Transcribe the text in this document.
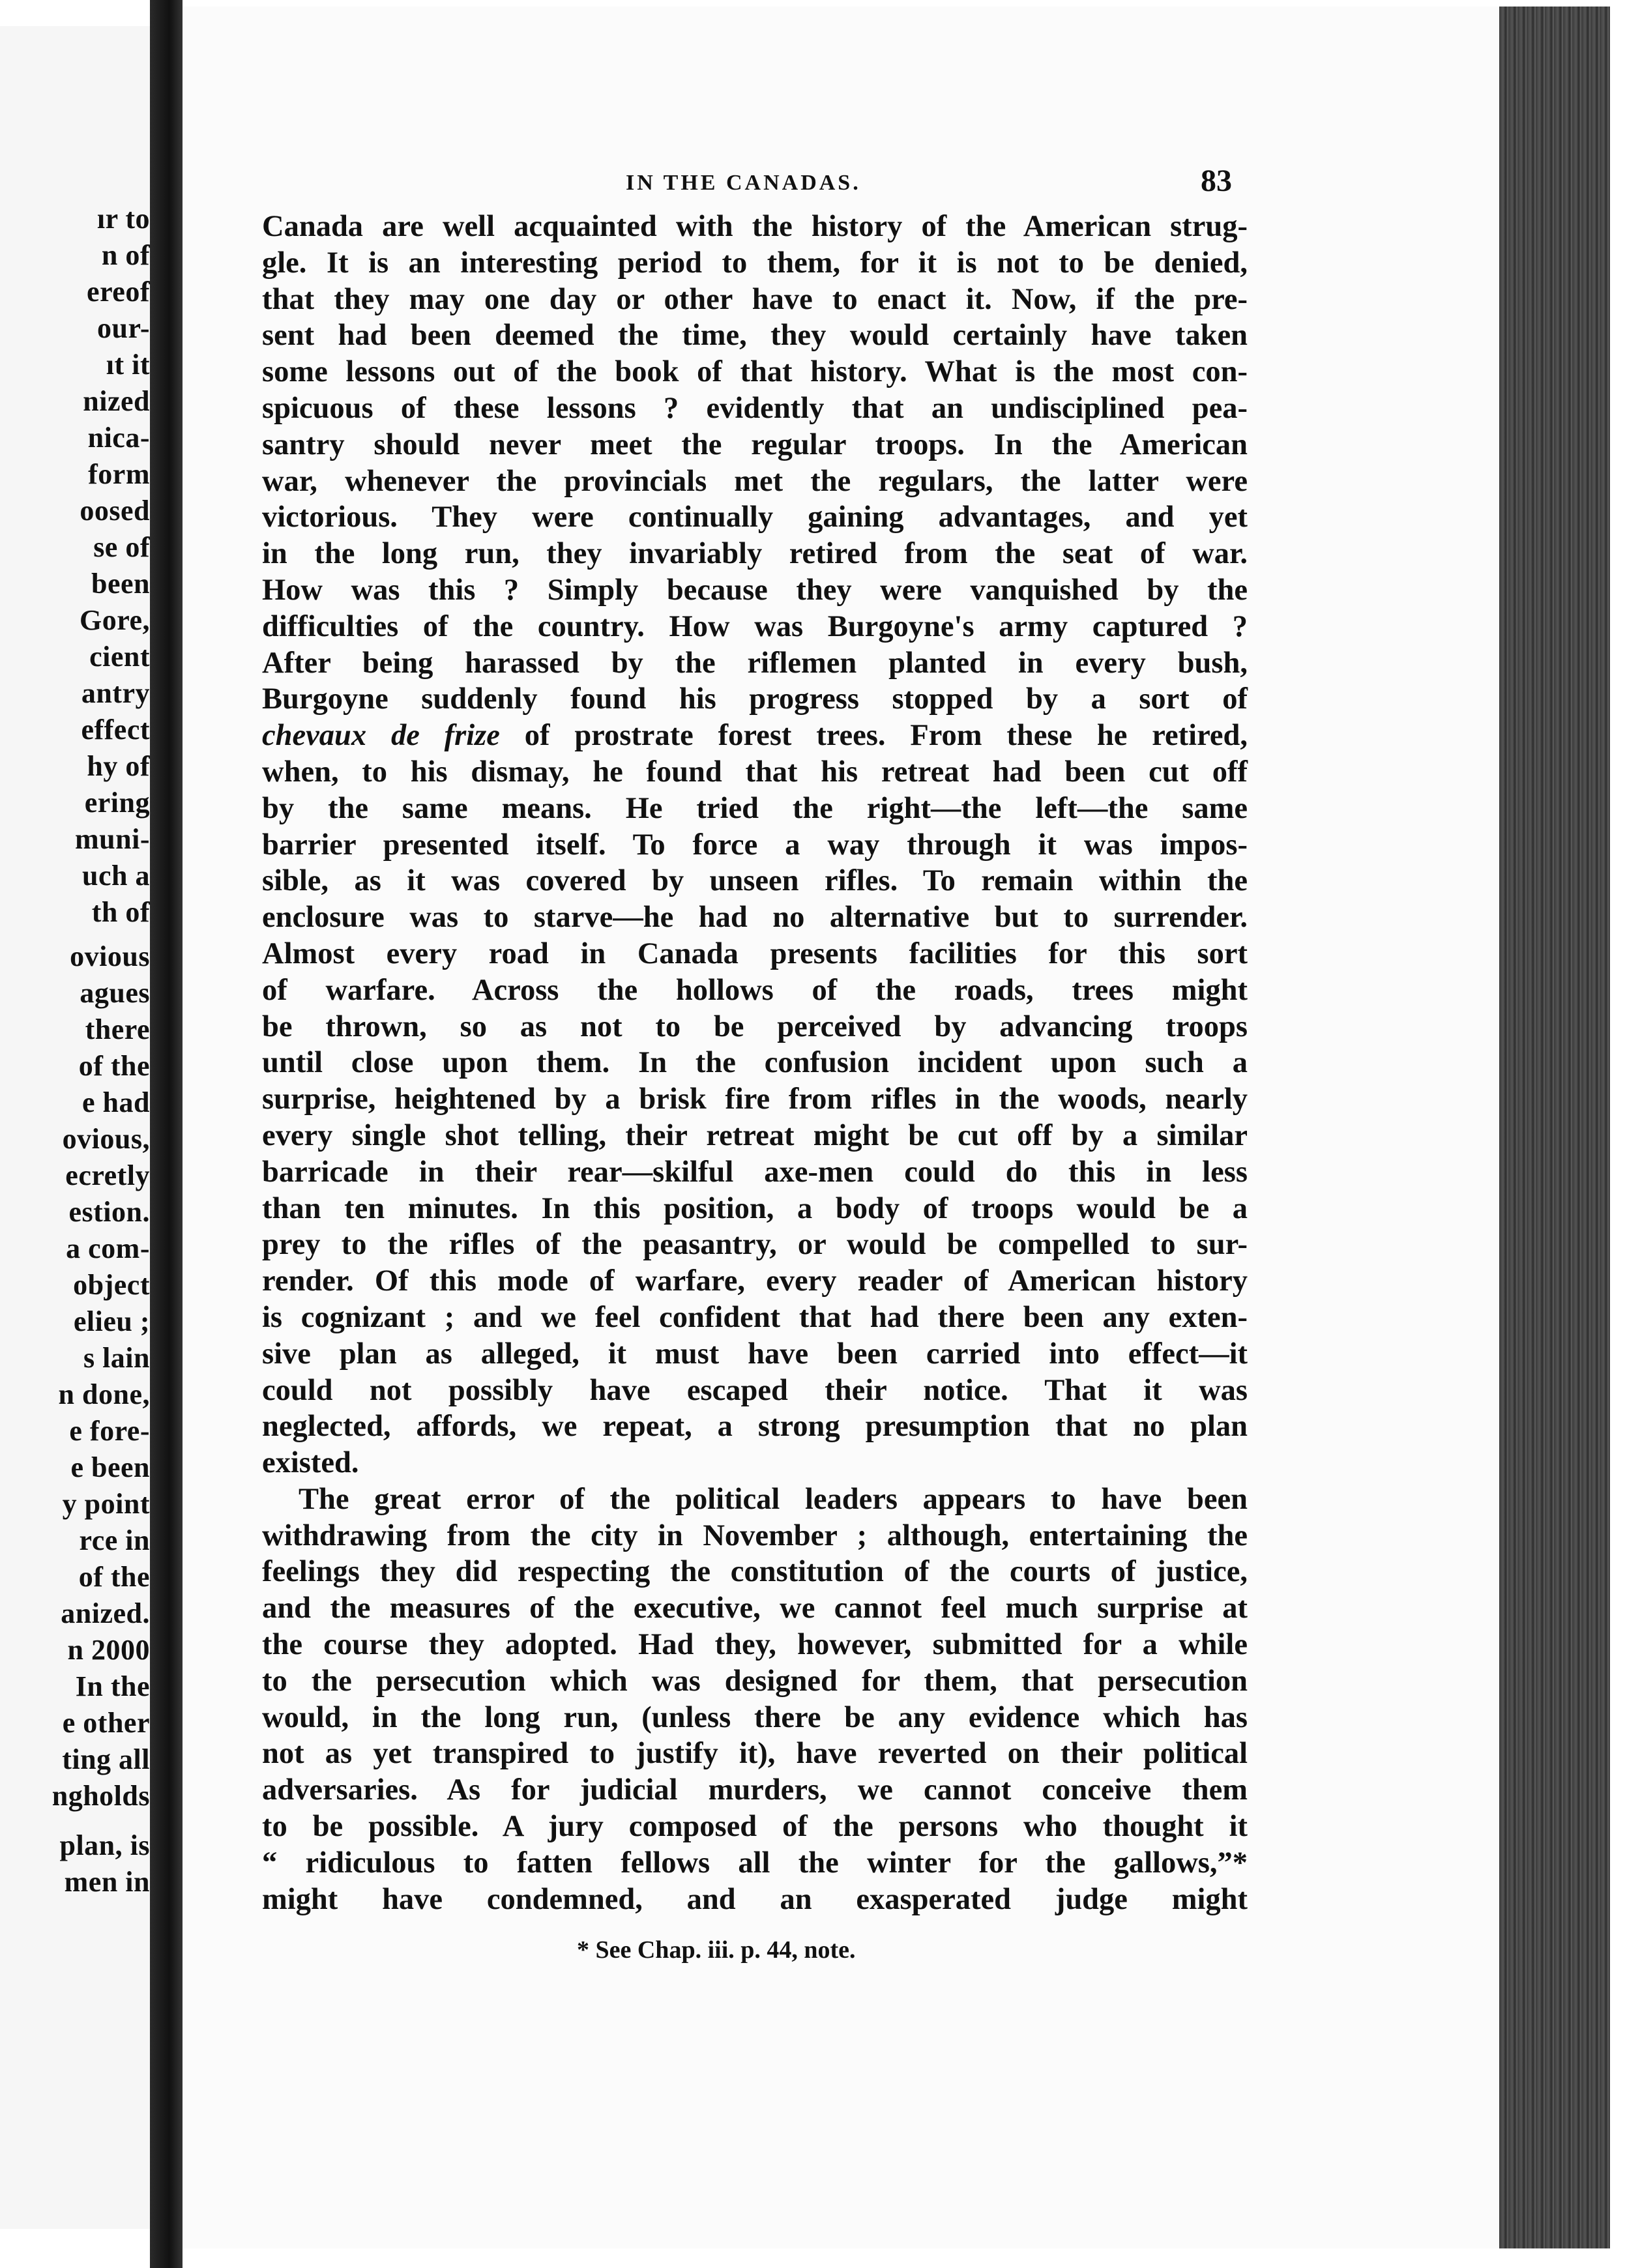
ır to
n of
ereof
our-
ıt it
nized
nica-
form
oosed
se of
been
Gore,
cient
antry
effect
hy of
ering
muni-
uch a
th of
ovious
agues
there
of the
e had
ovious,
ecretly
estion.
a com-
object
elieu ;
s lain
n done,
e fore-
e been
y point
rce in
of the
anized.
n 2000
In the
e other
ting all
ngholds
plan, is
men in
IN THE CANADAS.	83
Canada are well acquainted with the history of the American strug-
gle. It is an interesting period to them, for it is not to be denied,
that they may one day or other have to enact it. Now, if the pre-
sent had been deemed the time, they would certainly have taken
some lessons out of the book of that history. What is the most con-
spicuous of these lessons ? evidently that an undisciplined pea-
santry should never meet the regular troops. In the American
war, whenever the provincials met the regulars, the latter were
victorious. They were continually gaining advantages, and yet
in the long run, they invariably retired from the seat of war.
How was this ? Simply because they were vanquished by the
difficulties of the country. How was Burgoyne's army captured ?
After being harassed by the riflemen planted in every bush,
Burgoyne suddenly found his progress stopped by a sort of
chevaux de frize of prostrate forest trees. From these he retired,
when, to his dismay, he found that his retreat had been cut off
by the same means. He tried the right—the left—the same
barrier presented itself. To force a way through it was impos-
sible, as it was covered by unseen rifles. To remain within the
enclosure was to starve—he had no alternative but to surrender.
Almost every road in Canada presents facilities for this sort
of warfare. Across the hollows of the roads, trees might
be thrown, so as not to be perceived by advancing troops
until close upon them. In the confusion incident upon such a
surprise, heightened by a brisk fire from rifles in the woods, nearly
every single shot telling, their retreat might be cut off by a similar
barricade in their rear—skilful axe-men could do this in less
than ten minutes. In this position, a body of troops would be a
prey to the rifles of the peasantry, or would be compelled to sur-
render. Of this mode of warfare, every reader of American history
is cognizant ; and we feel confident that had there been any exten-
sive plan as alleged, it must have been carried into effect—it
could not possibly have escaped their notice. That it was
neglected, affords, we repeat, a strong presumption that no plan
existed.
The great error of the political leaders appears to have been
withdrawing from the city in November ; although, entertaining the
feelings they did respecting the constitution of the courts of justice,
and the measures of the executive, we cannot feel much surprise at
the course they adopted. Had they, however, submitted for a while
to the persecution which was designed for them, that persecution
would, in the long run, (unless there be any evidence which has
not as yet transpired to justify it), have reverted on their political
adversaries. As for judicial murders, we cannot conceive them
to be possible. A jury composed of the persons who thought it
“ ridiculous to fatten fellows all the winter for the gallows,”*
might have condemned, and an exasperated judge might
* See Chap. iii. p. 44, note.
